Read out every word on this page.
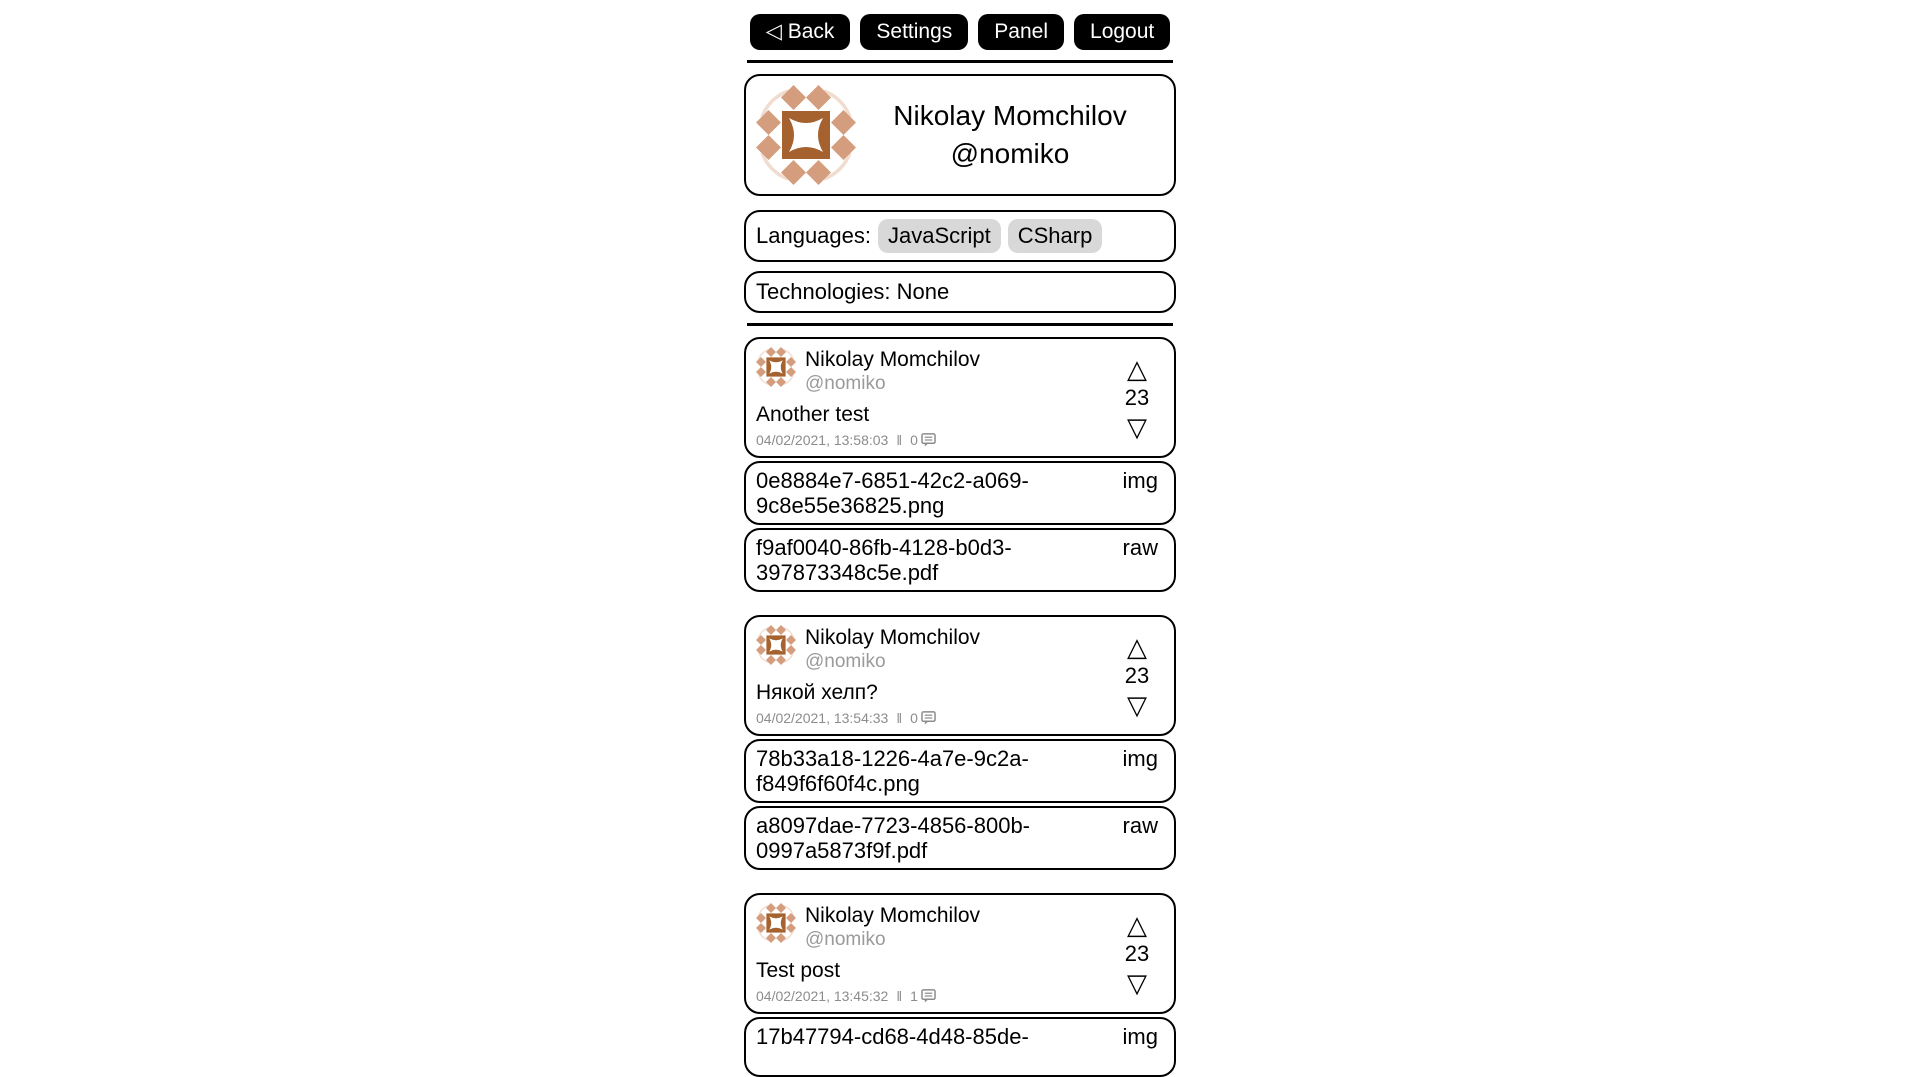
◁ Back	Settings	Panel	Logout
Nikolay Momchilov
@nomiko
Languages: JavaScript	CSharp
Technologies: None
Nikolay Momchilov
@nomiko
Another test
04/02/2021, 13:58:03 ‖ 0
△
23
▽
0e8884e7-6851-42c2-a069-9c8e55e36825.png
img
f9af0040-86fb-4128-b0d3-397873348c5e.pdf
raw
Nikolay Momchilov
@nomiko
Някой хелп?
04/02/2021, 13:54:33 ‖ 0
△
23
▽
78b33a18-1226-4a7e-9c2a-f849f6f60f4c.png
img
a8097dae-7723-4856-800b-0997a5873f9f.pdf
raw
Nikolay Momchilov
@nomiko
Test post
04/02/2021, 13:45:32 ‖ 1
△
23
▽
17b47794-cd68-4d48-85de-	img
